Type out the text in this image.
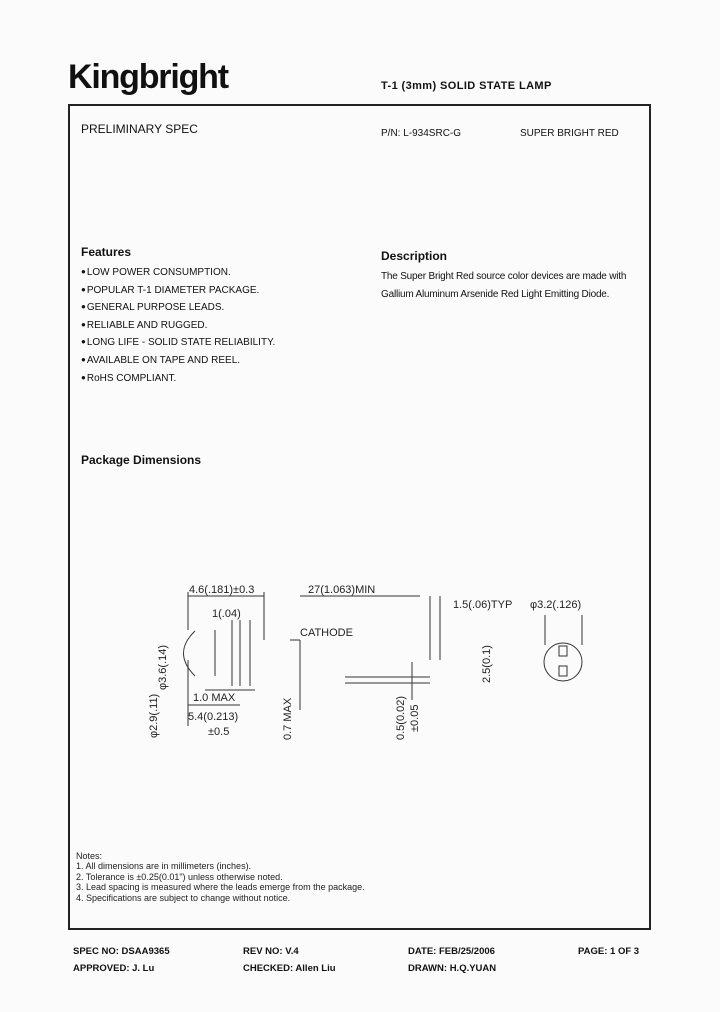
Kingbright	T-1 (3mm) SOLID STATE LAMP
PRELIMINARY SPEC	P/N: L-934SRC-G	SUPER BRIGHT RED
Features
● LOW POWER CONSUMPTION.
● POPULAR T-1 DIAMETER PACKAGE.
● GENERAL PURPOSE LEADS.
● RELIABLE AND RUGGED.
● LONG LIFE - SOLID STATE RELIABILITY.
● AVAILABLE ON TAPE AND REEL.
● RoHS COMPLIANT.
Description
The Super Bright Red source color devices are made with Gallium Aluminum Arsenide Red Light Emitting Diode.
Package Dimensions
4.6(.181)±0.3
1(.04)
27(1.063)MIN
1.5(.06)TYP φ3.2(.126)
CATHODE
1.0 MAX
5.4(0.213)
±0.5
φ3.6(.14)
φ2.9(.11)	0.7 MAX	0.5(0.02) ±0.05
2.5(0.1)
Notes:
1. All dimensions are in millimeters (inches).
2. Tolerance is ±0.25(0.01") unless otherwise noted.
3. Lead spacing is measured where the leads emerge from the package.
4. Specifications are subject to change without notice.
SPEC NO: DSAA9365	REV NO: V.4	DATE: FEB/25/2006	PAGE: 1 OF 3
APPROVED: J. Lu	CHECKED: Allen Liu	DRAWN: H.Q.YUAN
